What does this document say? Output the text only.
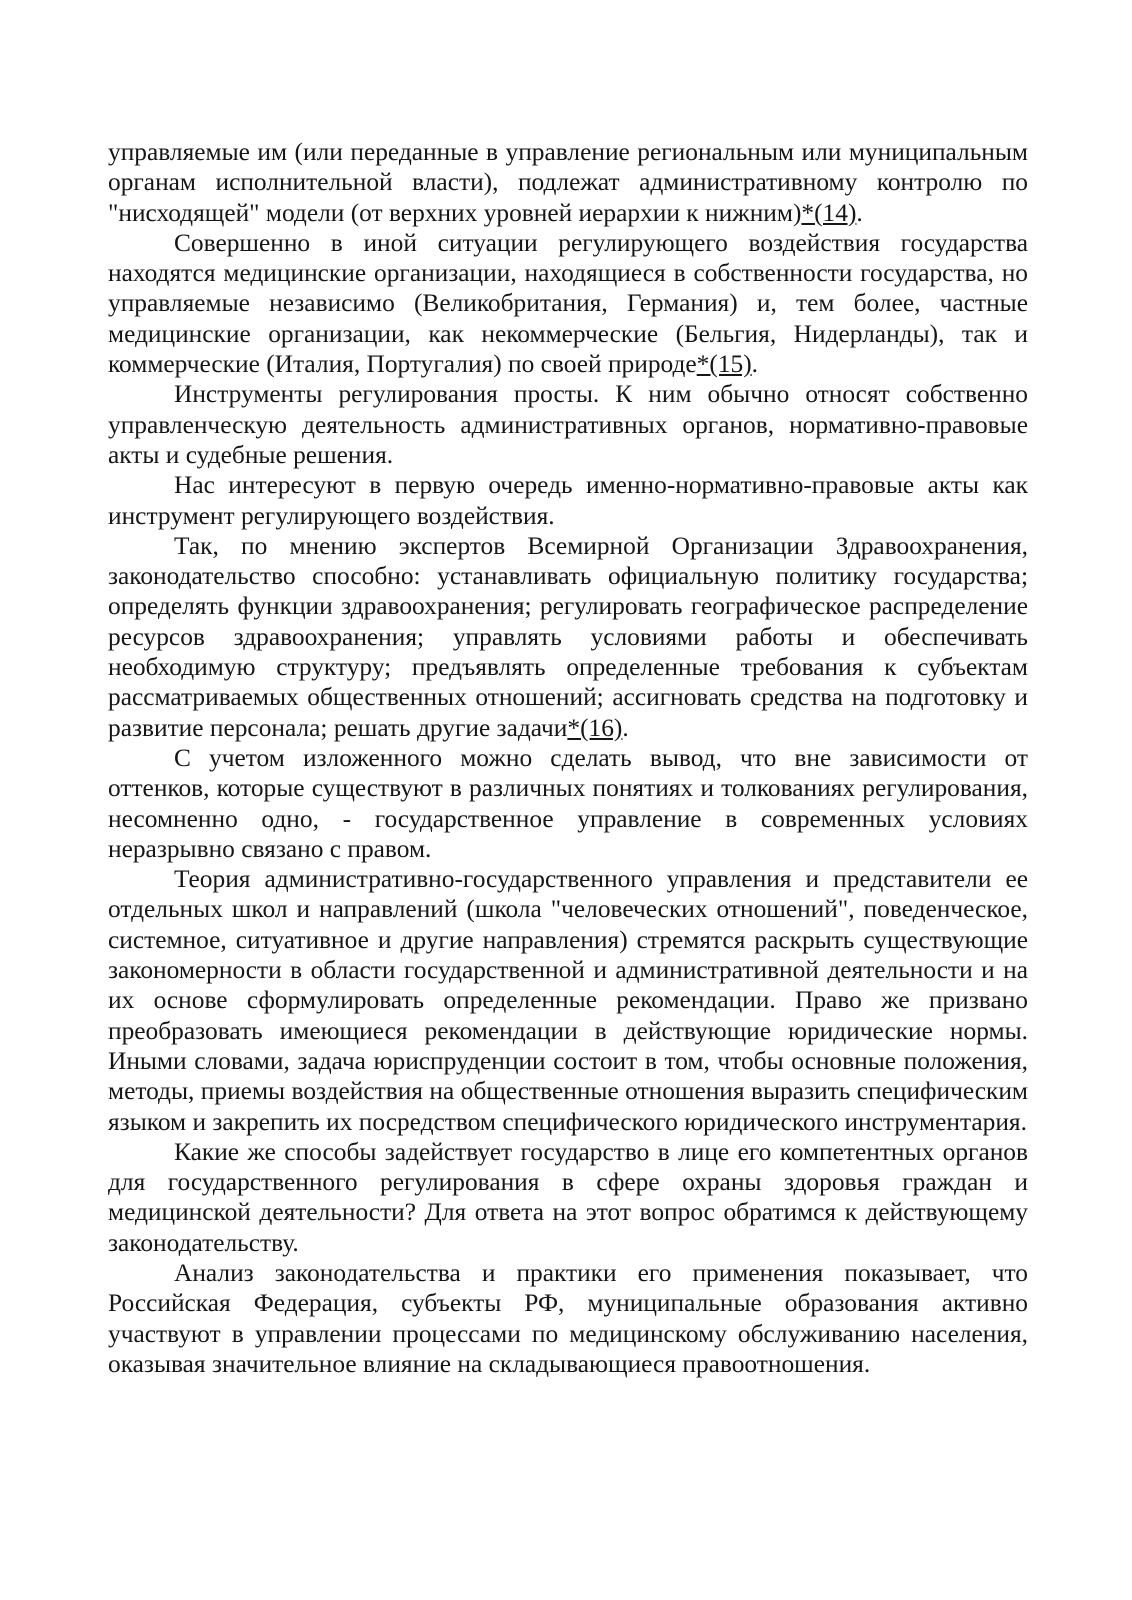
управляемые им (или переданные в управление региональным или муниципальным органам исполнительной власти), подлежат административному контролю по "нисходящей" модели (от верхних уровней иерархии к нижним)*(14).

Совершенно в иной ситуации регулирующего воздействия государства находятся медицинские организации, находящиеся в собственности государства, но управляемые независимо (Великобритания, Германия) и, тем более, частные медицинские организации, как некоммерческие (Бельгия, Нидерланды), так и коммерческие (Италия, Португалия) по своей природе*(15).

Инструменты регулирования просты. К ним обычно относят собственно управленческую деятельность административных органов, нормативно-правовые акты и судебные решения.

Нас интересуют в первую очередь именно-нормативно-правовые акты как инструмент регулирующего воздействия.

Так, по мнению экспертов Всемирной Организации Здравоохранения, законодательство способно: устанавливать официальную политику государства; определять функции здравоохранения; регулировать географическое распределение ресурсов здравоохранения; управлять условиями работы и обеспечивать необходимую структуру; предъявлять определенные требования к субъектам рассматриваемых общественных отношений; ассигновать средства на подготовку и развитие персонала; решать другие задачи*(16).

С учетом изложенного можно сделать вывод, что вне зависимости от оттенков, которые существуют в различных понятиях и толкованиях регулирования, несомненно одно, - государственное управление в современных условиях неразрывно связано с правом.

Теория административно-государственного управления и представители ее отдельных школ и направлений (школа "человеческих отношений", поведенческое, системное, ситуативное и другие направления) стремятся раскрыть существующие закономерности в области государственной и административной деятельности и на их основе сформулировать определенные рекомендации. Право же призвано преобразовать имеющиеся рекомендации в действующие юридические нормы. Иными словами, задача юриспруденции состоит в том, чтобы основные положения, методы, приемы воздействия на общественные отношения выразить специфическим языком и закрепить их посредством специфического юридического инструментария.

Какие же способы задействует государство в лице его компетентных органов для государственного регулирования в сфере охраны здоровья граждан и медицинской деятельности? Для ответа на этот вопрос обратимся к действующему законодательству.

Анализ законодательства и практики его применения показывает, что Российская Федерация, субъекты РФ, муниципальные образования активно участвуют в управлении процессами по медицинскому обслуживанию населения, оказывая значительное влияние на складывающиеся правоотношения.
